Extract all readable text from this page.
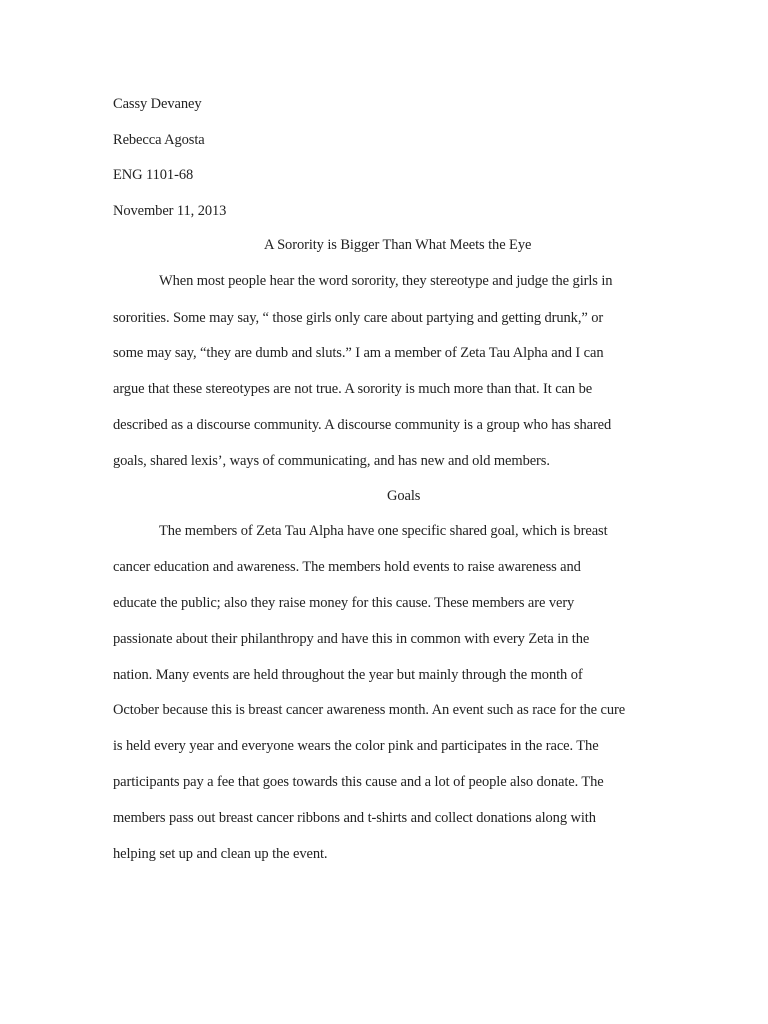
Cassy Devaney

Rebecca Agosta

ENG 1101-68

November 11, 2013

A Sorority is Bigger Than What Meets the Eye

When most people hear the word sorority, they stereotype and judge the girls in

sororities. Some may say, “ those girls only care about partying and getting drunk,” or

some may say, “they are dumb and sluts.” I am a member of Zeta Tau Alpha and I can

argue that these stereotypes are not true. A sorority is much more than that. It can be

described as a discourse community. A discourse community is a group who has shared

goals, shared lexis’, ways of communicating, and has new and old members.

Goals

The members of Zeta Tau Alpha have one specific shared goal, which is breast

cancer education and awareness. The members hold events to raise awareness and

educate the public; also they raise money for this cause. These members are very

passionate about their philanthropy and have this in common with every Zeta in the

nation. Many events are held throughout the year but mainly through the month of

October because this is breast cancer awareness month. An event such as race for the cure

is held every year and everyone wears the color pink and participates in the race. The

participants pay a fee that goes towards this cause and a lot of people also donate. The

members pass out breast cancer ribbons and t-shirts and collect donations along with

helping set up and clean up the event.
